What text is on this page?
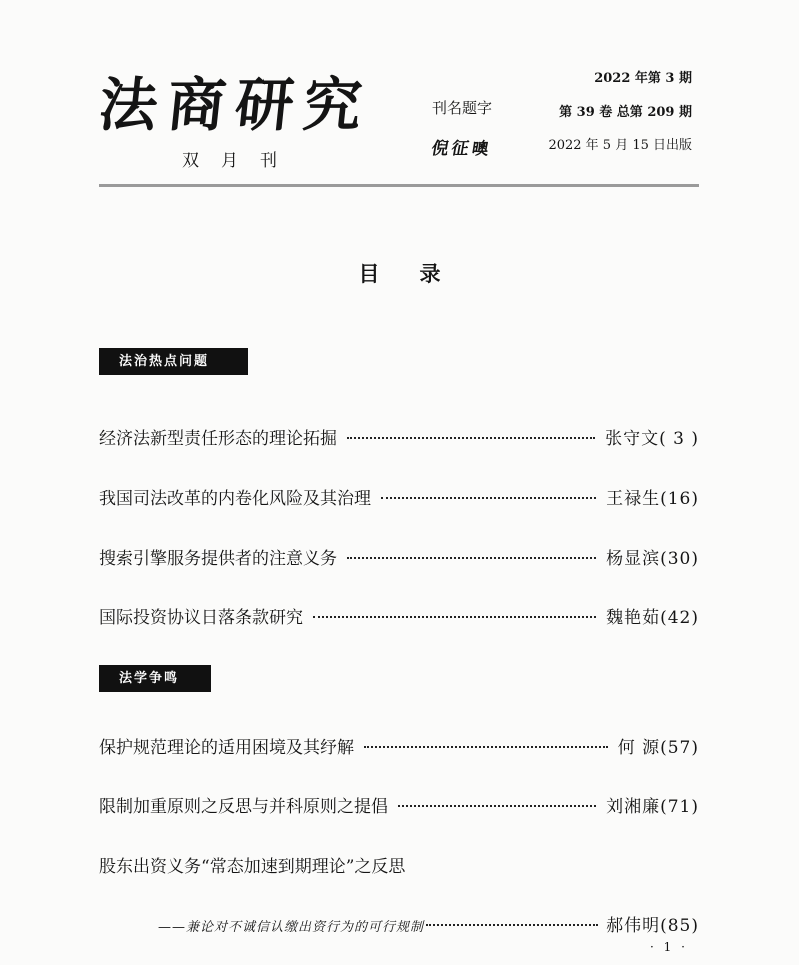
法商研究
双月刊
刊名题字
倪征𣋉
2022 年第 3 期
第 39 卷 总第 209 期
2022 年 5 月 15 日出版
目录
法治热点问题
经济法新型责任形态的理论拓掘	张守文( 3 )
我国司法改革的内卷化风险及其治理	王禄生(16)
搜索引擎服务提供者的注意义务	杨显滨(30)
国际投资协议日落条款研究	魏艳茹(42)
法学争鸣
保护规范理论的适用困境及其纾解	何 源(57)
限制加重原则之反思与并科原则之提倡	刘湘廉(71)
股东出资义务“常态加速到期理论”之反思
——兼论对不诚信认缴出资行为的可行规制	郝伟明(85)
· 1 ·
